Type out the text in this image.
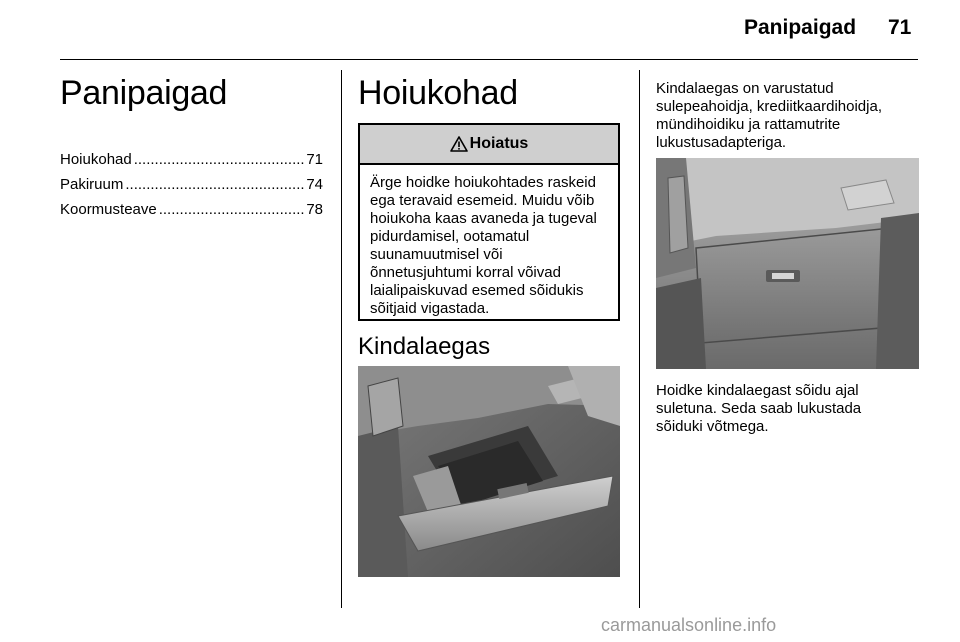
Panipaigad 71
Panipaigad
Hoiukohad .....	71
Pakiruum .....	74
Koormusteave .....	78
Hoiukohad
Hoiatus
Ärge hoidke hoiukohtades raskeid
ega teravaid esemeid. Muidu võib
hoiukoha kaas avaneda ja tugeval
pidurdamisel, ootamatul
suunamuutmisel või
õnnetusjuhtumi korral võivad
laialipaiskuvad esemed sõidukis
sõitjaid vigastada.
Kindalaegas
Kindalaegas on varustatud
sulepeahoidja, krediitkaardihoidja,
mündihoidiku ja rattamutrite
lukustusadapteriga.
Hoidke kindalaegast sõidu ajal
suletuna. Seda saab lukustada
sõiduki võtmega.
carmanualsonline.info
